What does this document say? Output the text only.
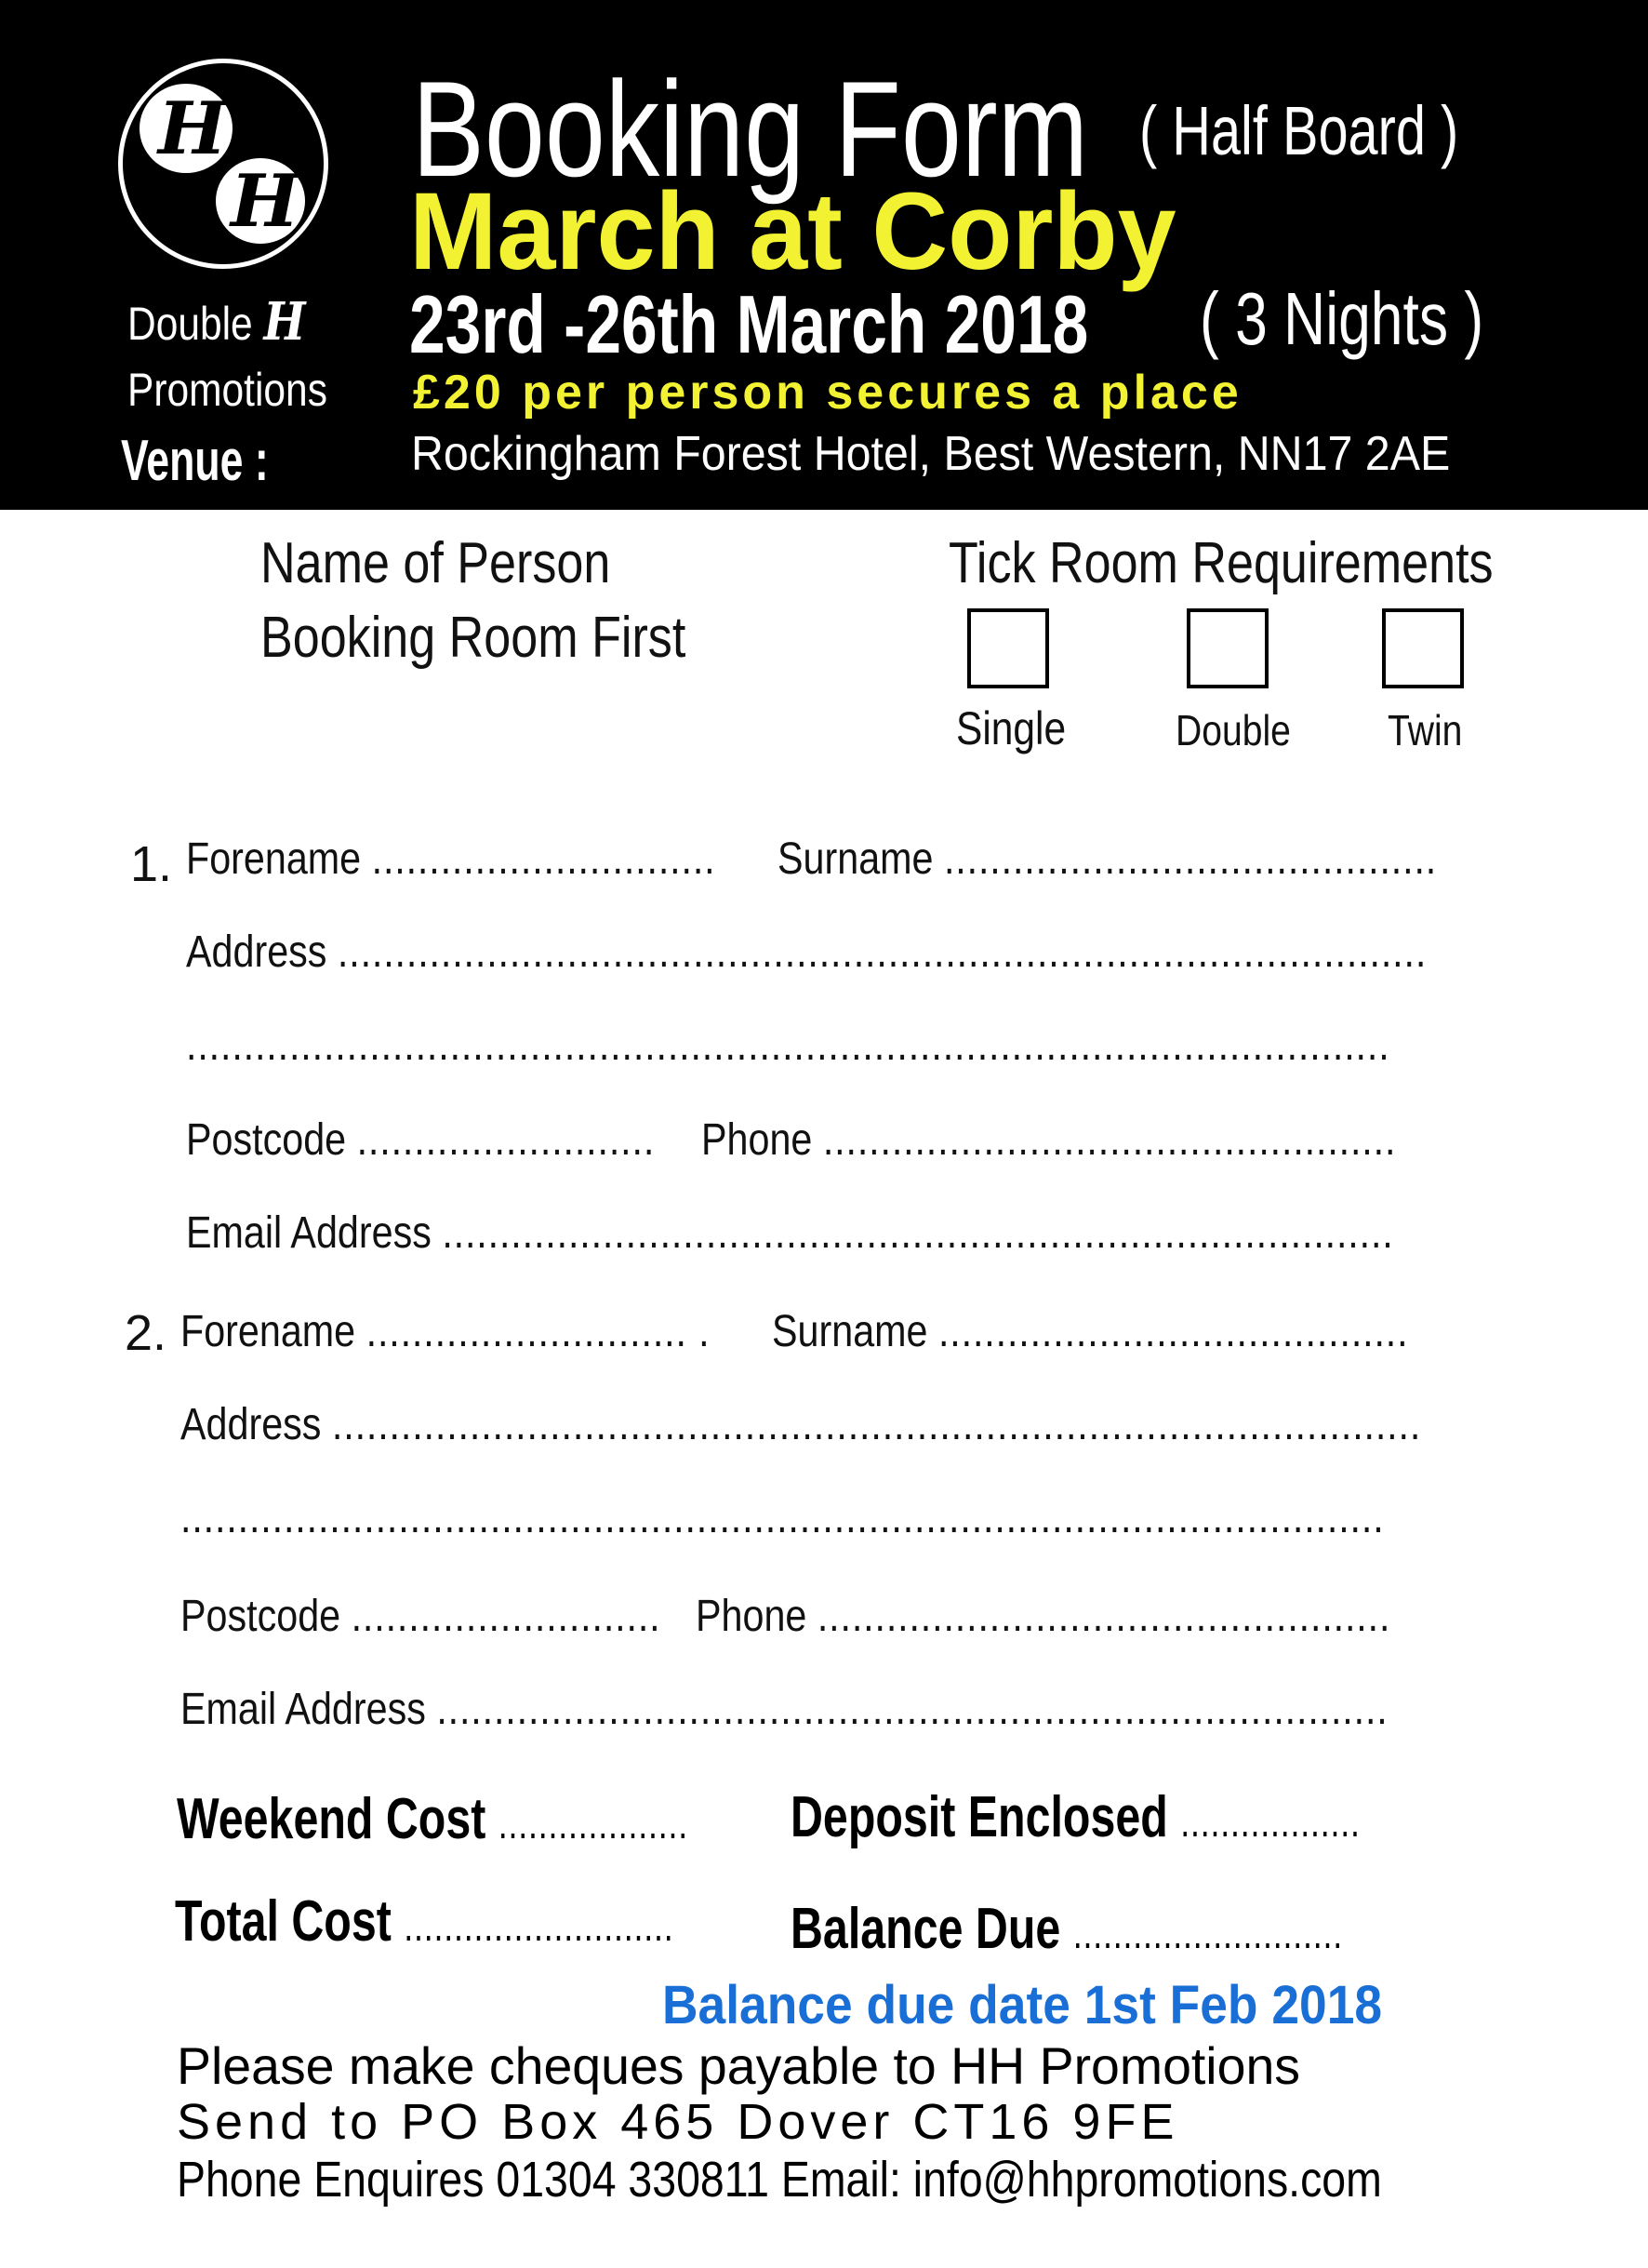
H
H
Double H
Promotions
Venue :
Booking Form ( Half Board )
March at Corby
23rd -26th March 2018	( 3 Nights )
£20 per person secures a place
Rockingham Forest Hotel, Best Western, NN17 2AE
Name of Person
Booking Room First
Tick Room Requirements
Single	Double	Twin
1. Forename ..............................	Surname ...........................................
Address ...............................................................................................
.........................................................................................................
Postcode ..........................	Phone ..................................................
Email Address ...................................................................................
2. Forename ............................ .	Surname .........................................
Address ...............................................................................................
.........................................................................................................
Postcode ........................... Phone ..................................................
Email Address ...................................................................................
Weekend Cost ...................	Deposit Enclosed ..................
Total Cost ...........................	Balance Due ...........................
Balance due date 1st Feb 2018
Please make cheques payable to HH Promotions
Send to PO Box 465 Dover CT16 9FE
Phone Enquires 01304 330811 Email: info@hhpromotions.com
